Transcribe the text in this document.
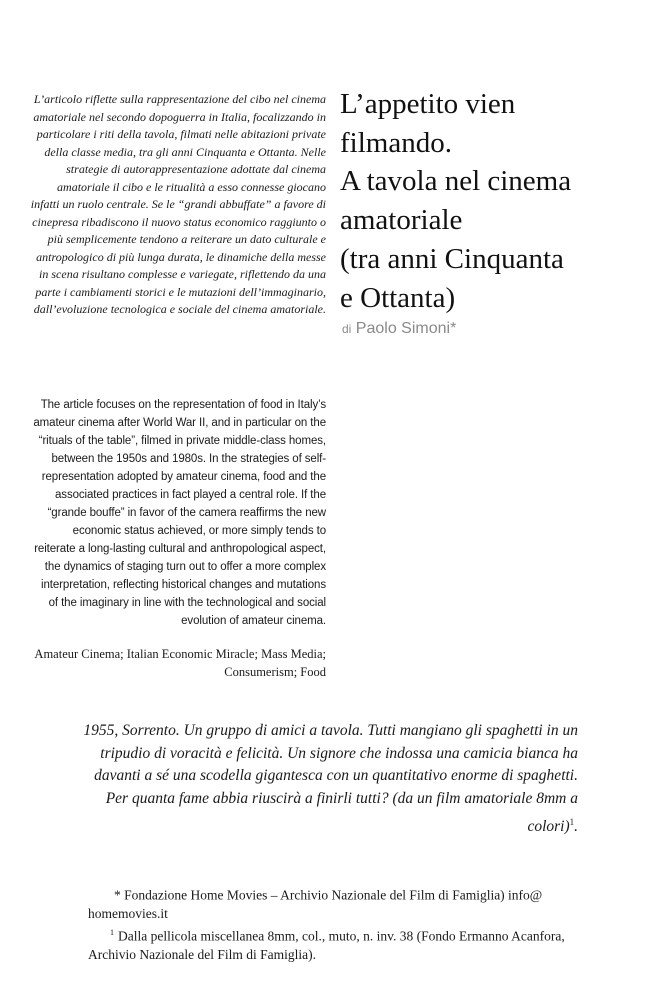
L’articolo riflette sulla rappresentazione del cibo nel cinema amatoriale nel secondo dopoguerra in Italia, focalizzando in particolare i riti della tavola, filmati nelle abitazioni private della classe media, tra gli anni Cinquanta e Ottanta. Nelle strategie di autorappresentazione adottate dal cinema amatoriale il cibo e le ritualità a esso connesse giocano infatti un ruolo centrale. Se le “grandi abbuffate” a favore di cinepresa ribadiscono il nuovo status economico raggiunto o più semplicemente tendono a reiterare un dato culturale e antropologico di più lunga durata, le dinamiche della messe in scena risultano complesse e variegate, riflettendo da una parte i cambiamenti storici e le mutazioni dell’immaginario, dall’evoluzione tecnologica e sociale del cinema amatoriale.

The article focuses on the representation of food in Italy’s amateur cinema after World War II, and in particular on the “rituals of the table”, filmed in private middle-class homes, between the 1950s and 1980s. In the strategies of self-representation adopted by amateur cinema, food and the associated practices in fact played a central role. If the “grande bouffe” in favor of the camera reaffirms the new economic status achieved, or more simply tends to reiterate a long-lasting cultural and anthropological aspect, the dynamics of staging turn out to offer a more complex interpretation, reflecting historical changes and mutations of the imaginary in line with the technological and social evolution of amateur cinema.

Amateur Cinema; Italian Economic Miracle; Mass Media; Consumerism; Food

L’appetito vien
filmando.
A tavola nel cinema
amatoriale
(tra anni Cinquanta
e Ottanta)
di Paolo Simoni*

1955, Sorrento. Un gruppo di amici a tavola. Tutti mangiano gli spaghetti in un tripudio di voracità e felicità. Un signore che indossa una camicia bianca ha davanti a sé una scodella gigantesca con un quantitativo enorme di spaghetti. Per quanta fame abbia riuscirà a finirli tutti? (da un film amatoriale 8mm a colori)$^1$.

* Fondazione Home Movies – Archivio Nazionale del Film di Famiglia) info@ homemovies.it

$^1$ Dalla pellicola miscellanea 8mm, col., muto, n. inv. 38 (Fondo Ermanno Acanfora, Archivio Nazionale del Film di Famiglia).
